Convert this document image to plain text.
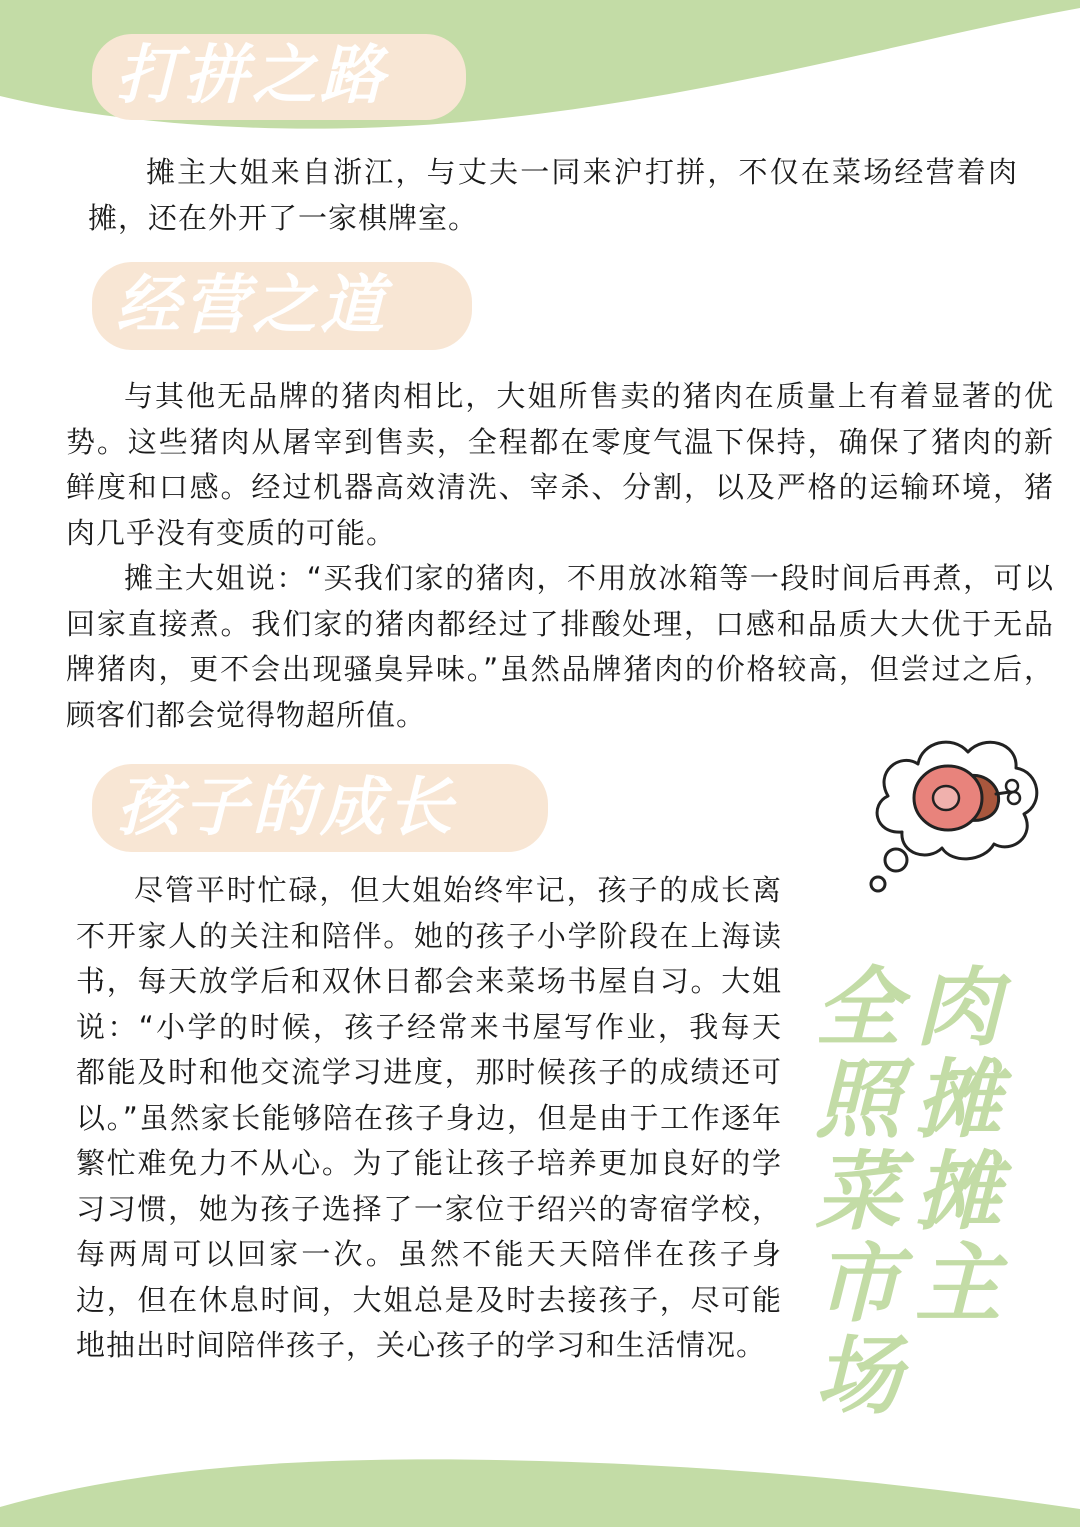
打拼之路

摊主大姐来自浙江，与丈夫一同来沪打拼，不仅在菜场经营着肉摊，还在外开了一家棋牌室。

经营之道

与其他无品牌的猪肉相比，大姐所售卖的猪肉在质量上有着显著的优势。这些猪肉从屠宰到售卖，全程都在零度气温下保持，确保了猪肉的新鲜度和口感。经过机器高效清洗、宰杀、分割，以及严格的运输环境，猪肉几乎没有变质的可能。

摊主大姐说：“买我们家的猪肉，不用放冰箱等一段时间后再煮，可以回家直接煮。我们家的猪肉都经过了排酸处理，口感和品质大大优于无品牌猪肉，更不会出现骚臭异味。”虽然品牌猪肉的价格较高，但尝过之后，顾客们都会觉得物超所值。

孩子的成长

尽管平时忙碌，但大姐始终牢记，孩子的成长离不开家人的关注和陪伴。她的孩子小学阶段在上海读书，每天放学后和双休日都会来菜场书屋自习。大姐说：“小学的时候，孩子经常来书屋写作业，我每天都能及时和他交流学习进度，那时候孩子的成绩还可以。”虽然家长能够陪在孩子身边，但是由于工作逐年繁忙难免力不从心。为了能让孩子培养更加良好的学习习惯，她为孩子选择了一家位于绍兴的寄宿学校，每两周可以回家一次。虽然不能天天陪伴在孩子身边，但在休息时间，大姐总是及时去接孩子，尽可能地抽出时间陪伴孩子，关心孩子的学习和生活情况。

肉摊摊主
全照菜市场
